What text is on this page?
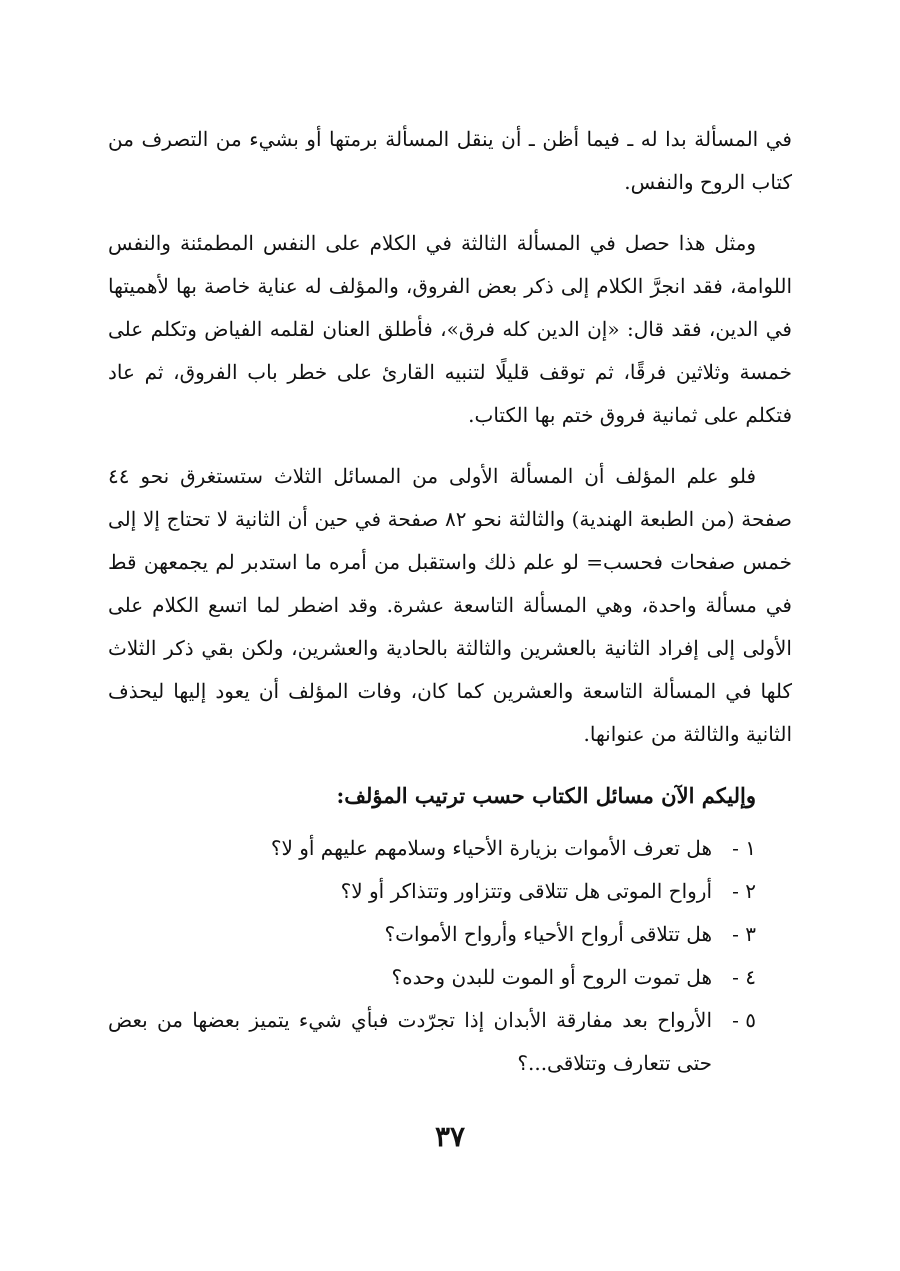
في المسألة بدا له ـ فيما أظن ـ أن ينقل المسألة برمتها أو بشيء من التصرف من كتاب الروح والنفس.

ومثل هذا حصل في المسألة الثالثة في الكلام على النفس المطمئنة والنفس اللوامة، فقد انجرَّ الكلام إلى ذكر بعض الفروق، والمؤلف له عناية خاصة بها لأهميتها في الدين، فقد قال: «إن الدين كله فرق»، فأطلق العنان لقلمه الفياض وتكلم على خمسة وثلاثين فرقًا، ثم توقف قليلًا لتنبيه القارئ على خطر باب الفروق، ثم عاد فتكلم على ثمانية فروق ختم بها الكتاب.

فلو علم المؤلف أن المسألة الأولى من المسائل الثلاث ستستغرق نحو ٤٤ صفحة (من الطبعة الهندية) والثالثة نحو ٨٢ صفحة في حين أن الثانية لا تحتاج إلا إلى خمس صفحات فحسب= لو علم ذلك واستقبل من أمره ما استدبر لم يجمعهن قط في مسألة واحدة، وهي المسألة التاسعة عشرة. وقد اضطر لما اتسع الكلام على الأولى إلى إفراد الثانية بالعشرين والثالثة بالحادية والعشرين، ولكن بقي ذكر الثلاث كلها في المسألة التاسعة والعشرين كما كان، وفات المؤلف أن يعود إليها ليحذف الثانية والثالثة من عنوانها.

وإليكم الآن مسائل الكتاب حسب ترتيب المؤلف:
١ -
هل تعرف الأموات بزيارة الأحياء وسلامهم عليهم أو لا؟
٢ -
أرواح الموتى هل تتلاقى وتتزاور وتتذاكر أو لا؟
٣ -
هل تتلاقى أرواح الأحياء وأرواح الأموات؟
٤ -
هل تموت الروح أو الموت للبدن وحده؟
٥ -
الأرواح بعد مفارقة الأبدان إذا تجرّدت فبأي شيء يتميز بعضها من بعض حتى تتعارف وتتلاقى...؟
٣٧
